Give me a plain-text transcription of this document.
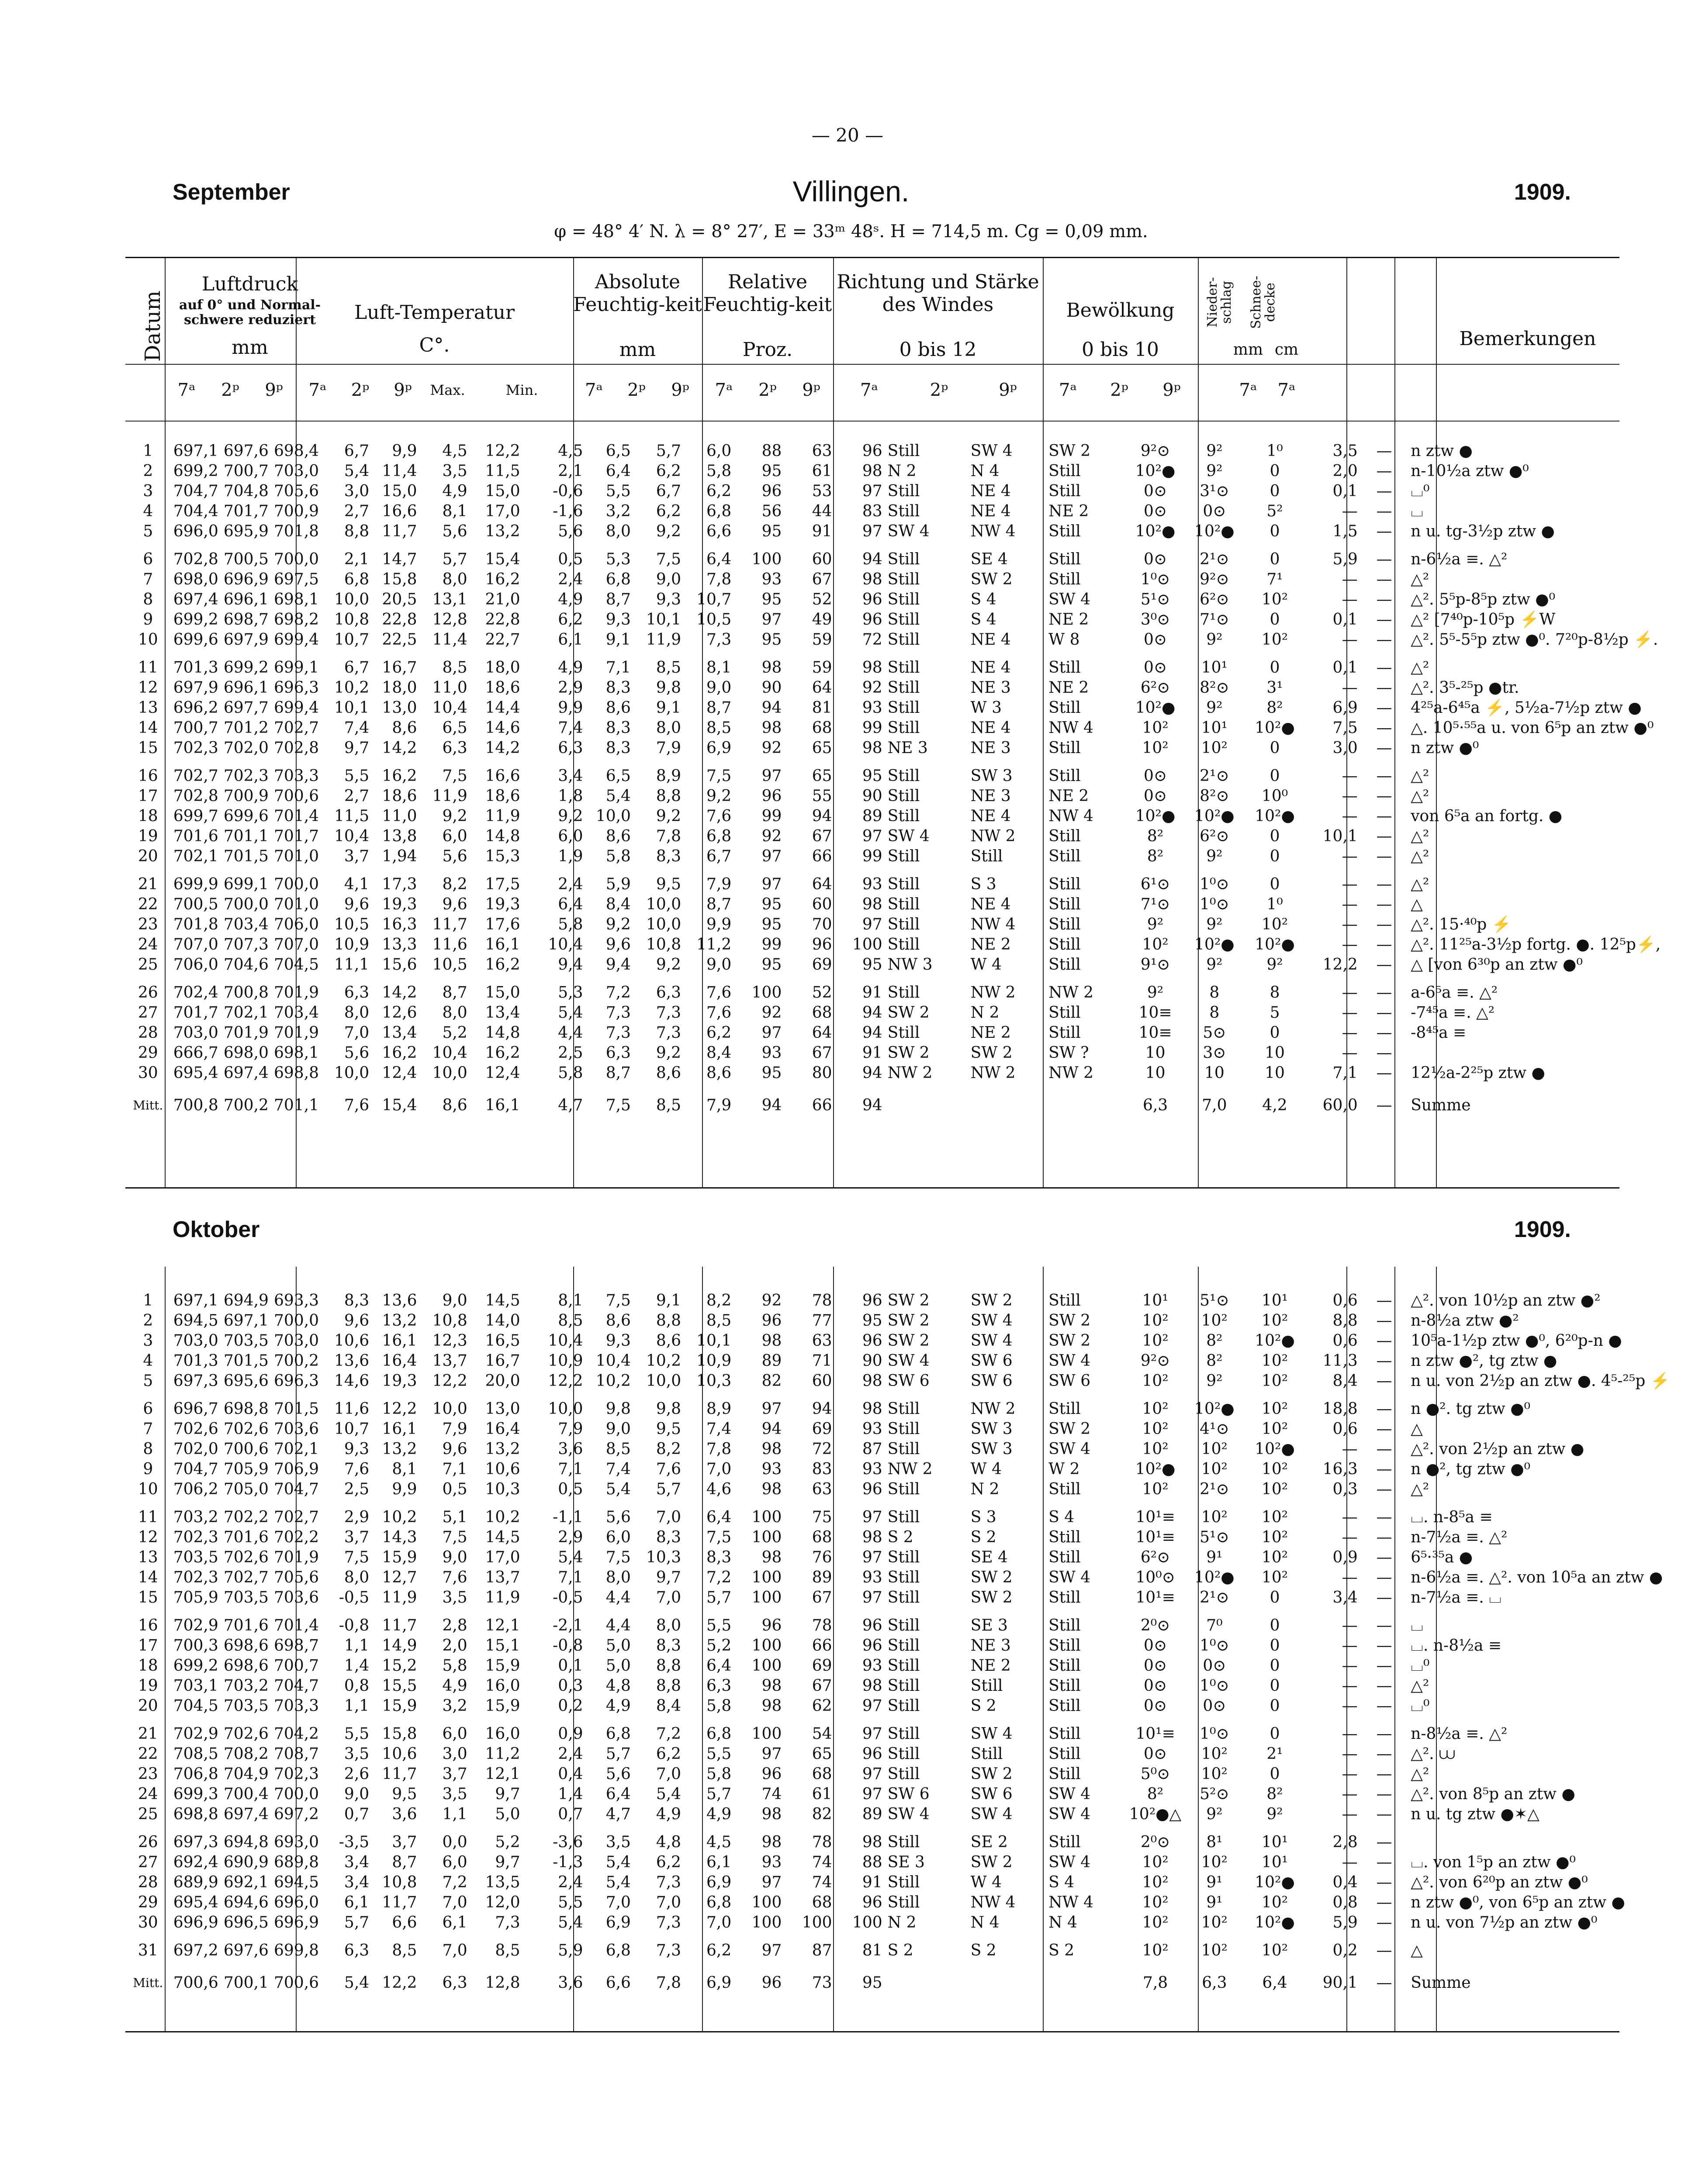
— 20 —
September	Villingen.	1909.
φ = 48° 4′ N. λ = 8° 27′, E = 33ᵐ 48ˢ. H = 714,5 m. Cg = 0,09 mm.
Datum
Luftdruck
auf 0° und Normal-schwere reduziert
mm
Luft-Temperatur
C°.
Absolute Feuchtig-keit
mm
Relative Feuchtig-keit
Proz.
Richtung und Stärke des Windes
0 bis 12
Bewölkung
0 bis 10
Nieder-schlag
mm
Schnee-decke
cm	Bemerkungen
7ᵃ	2ᵖ	9ᵖ	7ᵃ	2ᵖ	9ᵖ	Max.	Min.	7ᵃ	2ᵖ	9ᵖ	7ᵃ	2ᵖ	9ᵖ	7ᵃ	2ᵖ	9ᵖ	7ᵃ	2ᵖ	9ᵖ	7ᵃ	7ᵃ
1	697,1	697,6	698,4	6,7	9,9	4,5	12,2	4,5	6,5	5,7	6,0	88	63	96	Still	SW 4	SW 2	9²⊙	9²	1⁰	3,5	—	n ztw ●
2	699,2	700,7	703,0	5,4	11,4	3,5	11,5	2,1	6,4	6,2	5,8	95	61	98	N 2	N 4	Still	10²●	9²	0	2,0	—	n-10½a ztw ●⁰
3	704,7	704,8	705,6	3,0	15,0	4,9	15,0	-0,6	5,5	6,7	6,2	96	53	97	Still	NE 4	Still	0⊙	3¹⊙	0	0,1	—	⌴⁰
4	704,4	701,7	700,9	2,7	16,6	8,1	17,0	-1,6	3,2	6,2	6,8	56	44	83	Still	NE 4	NE 2	0⊙	0⊙	5²	—	—	⌴
5	696,0	695,9	701,8	8,8	11,7	5,6	13,2	5,6	8,0	9,2	6,6	95	91	97	SW 4	NW 4	Still	10²●	10²●	0	1,5	—	n u. tg-3½p ztw ●

6	702,8	700,5	700,0	2,1	14,7	5,7	15,4	0,5	5,3	7,5	6,4	100	60	94	Still	SE 4	Still	0⊙	2¹⊙	0	5,9	—	n-6½a ≡. △²
7	698,0	696,9	697,5	6,8	15,8	8,0	16,2	2,4	6,8	9,0	7,8	93	67	98	Still	SW 2	Still	1⁰⊙	9²⊙	7¹	—	—	△²
8	697,4	696,1	698,1	10,0	20,5	13,1	21,0	4,9	8,7	9,3	10,7	95	52	96	Still	S 4	SW 4	5¹⊙	6²⊙	10²	—	—	△². 5⁵p-8⁵p ztw ●⁰
9	699,2	698,7	698,2	10,8	22,8	12,8	22,8	6,2	9,3	10,1	10,5	97	49	96	Still	S 4	NE 2	3⁰⊙	7¹⊙	0	0,1	—	△² [7⁴⁰p-10⁵p ⚡W
10	699,6	697,9	699,4	10,7	22,5	11,4	22,7	6,1	9,1	11,9	7,3	95	59	72	Still	NE 4	W 8	0⊙	9²	10²	—	—	△². 5⁵-5⁵p ztw ●⁰. 7²⁰p-8½p ⚡.

11	701,3	699,2	699,1	6,7	16,7	8,5	18,0	4,9	7,1	8,5	8,1	98	59	98	Still	NE 4	Still	0⊙	10¹	0	0,1	—	△²
12	697,9	696,1	696,3	10,2	18,0	11,0	18,6	2,9	8,3	9,8	9,0	90	64	92	Still	NE 3	NE 2	6²⊙	8²⊙	3¹	—	—	△². 3⁵-²⁵p ●tr.
13	696,2	697,7	699,4	10,1	13,0	10,4	14,4	9,9	8,6	9,1	8,7	94	81	93	Still	W 3	Still	10²●	9²	8²	6,9	—	4²⁵a-6⁴⁵a ⚡, 5½a-7½p ztw ●
14	700,7	701,2	702,7	7,4	8,6	6,5	14,6	7,4	8,3	8,0	8,5	98	68	99	Still	NE 4	NW 4	10²	10¹	10²●	7,5	—	△. 10⁵·⁵⁵a u. von 6⁵p an ztw ●⁰
15	702,3	702,0	702,8	9,7	14,2	6,3	14,2	6,3	8,3	7,9	6,9	92	65	98	NE 3	NE 3	Still	10²	10²	0	3,0	—	n ztw ●⁰

16	702,7	702,3	703,3	5,5	16,2	7,5	16,6	3,4	6,5	8,9	7,5	97	65	95	Still	SW 3	Still	0⊙	2¹⊙	0	—	—	△²
17	702,8	700,9	700,6	2,7	18,6	11,9	18,6	1,8	5,4	8,8	9,2	96	55	90	Still	NE 3	NE 2	0⊙	8²⊙	10⁰	—	—	△²
18	699,7	699,6	701,4	11,5	11,0	9,2	11,9	9,2	10,0	9,2	7,6	99	94	89	Still	NE 4	NW 4	10²●	10²●	10²●	—	—	von 6⁵a an fortg. ●
19	701,6	701,1	701,7	10,4	13,8	6,0	14,8	6,0	8,6	7,8	6,8	92	67	97	SW 4	NW 2	Still	8²	6²⊙	0	10,1	—	△²
20	702,1	701,5	701,0	3,7	1,94	5,6	15,3	1,9	5,8	8,3	6,7	97	66	99	Still	Still	Still	8²	9²	0	—	—	△²

21	699,9	699,1	700,0	4,1	17,3	8,2	17,5	2,4	5,9	9,5	7,9	97	64	93	Still	S 3	Still	6¹⊙	1⁰⊙	0	—	—	△²
22	700,5	700,0	701,0	9,6	19,3	9,6	19,3	6,4	8,4	10,0	8,7	95	60	98	Still	NE 4	Still	7¹⊙	1⁰⊙	1⁰	—	—	△
23	701,8	703,4	706,0	10,5	16,3	11,7	17,6	5,8	9,2	10,0	9,9	95	70	97	Still	NW 4	Still	9²	9²	10²	—	—	△². 15·⁴⁰p ⚡
24	707,0	707,3	707,0	10,9	13,3	11,6	16,1	10,4	9,6	10,8	11,2	99	96	100	Still	NE 2	Still	10²	10²●	10²●	—	—	△². 11²⁵a-3½p fortg. ●. 12⁵p⚡,
25	706,0	704,6	704,5	11,1	15,6	10,5	16,2	9,4	9,4	9,2	9,0	95	69	95	NW 3	W 4	Still	9¹⊙	9²	9²	12,2	—	△ [von 6³⁰p an ztw ●⁰

26	702,4	700,8	701,9	6,3	14,2	8,7	15,0	5,3	7,2	6,3	7,6	100	52	91	Still	NW 2	NW 2	9²	8	8	—	—	a-6⁵a ≡. △²
27	701,7	702,1	703,4	8,0	12,6	8,0	13,4	5,4	7,3	7,3	7,6	92	68	94	SW 2	N 2	Still	10≡	8	5	—	—	-7⁴⁵a ≡. △²
28	703,0	701,9	701,9	7,0	13,4	5,2	14,8	4,4	7,3	7,3	6,2	97	64	94	Still	NE 2	Still	10≡	5⊙	0	—	—	-8⁴⁵a ≡
29	666,7	698,0	698,1	5,6	16,2	10,4	16,2	2,5	6,3	9,2	8,4	93	67	91	SW 2	SW 2	SW ?	10	3⊙	10	—	—	
30	695,4	697,4	698,8	10,0	12,4	10,0	12,4	5,8	8,7	8,6	8,6	95	80	94	NW 2	NW 2	NW 2	10	10	10	7,1	—	12½a-2²⁵p ztw ●

Mitt.	700,8	700,2	701,1	7,6	15,4	8,6	16,1	4,7	7,5	8,5	7,9	94	66	94				6,3	7,0	4,2	60,0	—	Summe
Oktober	1909.
1	697,1	694,9	693,3	8,3	13,6	9,0	14,5	8,1	7,5	9,1	8,2	92	78	96	SW 2	SW 2	Still	10¹	5¹⊙	10¹	0,6	—	△². von 10½p an ztw ●²
2	694,5	697,1	700,0	9,6	13,2	10,8	14,0	8,5	8,6	8,8	8,5	96	77	95	SW 2	SW 4	SW 2	10²	10²	10²	8,8	—	n-8½a ztw ●²
3	703,0	703,5	703,0	10,6	16,1	12,3	16,5	10,4	9,3	8,6	10,1	98	63	96	SW 2	SW 4	SW 2	10²	8²	10²●	0,6	—	10⁵a-1½p ztw ●⁰, 6²⁰p-n ●
4	701,3	701,5	700,2	13,6	16,4	13,7	16,7	10,9	10,4	10,2	10,9	89	71	90	SW 4	SW 6	SW 4	9²⊙	8²	10²	11,3	—	n ztw ●², tg ztw ●
5	697,3	695,6	696,3	14,6	19,3	12,2	20,0	12,2	10,2	10,0	10,3	82	60	98	SW 6	SW 6	SW 6	10²	9²	10²	8,4	—	n u. von 2½p an ztw ●. 4⁵-²⁵p ⚡

6	696,7	698,8	701,5	11,6	12,2	10,0	13,0	10,0	9,8	9,8	8,9	97	94	98	Still	NW 2	Still	10²	10²●	10²	18,8	—	n ●². tg ztw ●⁰
7	702,6	702,6	703,6	10,7	16,1	7,9	16,4	7,9	9,0	9,5	7,4	94	69	93	Still	SW 3	SW 2	10²	4¹⊙	10²	0,6	—	△
8	702,0	700,6	702,1	9,3	13,2	9,6	13,2	3,6	8,5	8,2	7,8	98	72	87	Still	SW 3	SW 4	10²	10²	10²●	—	—	△². von 2½p an ztw ●
9	704,7	705,9	706,9	7,6	8,1	7,1	10,6	7,1	7,4	7,6	7,0	93	83	93	NW 2	W 4	W 2	10²●	10²	10²	16,3	—	n ●², tg ztw ●⁰
10	706,2	705,0	704,7	2,5	9,9	0,5	10,3	0,5	5,4	5,7	4,6	98	63	96	Still	N 2	Still	10²	2¹⊙	10²	0,3	—	△²

11	703,2	702,2	702,7	2,9	10,2	5,1	10,2	-1,1	5,6	7,0	6,4	100	75	97	Still	S 3	S 4	10¹≡	10²	10²	—	—	⌴. n-8⁵a ≡
12	702,3	701,6	702,2	3,7	14,3	7,5	14,5	2,9	6,0	8,3	7,5	100	68	98	S 2	S 2	Still	10¹≡	5¹⊙	10²	—	—	n-7½a ≡. △²
13	703,5	702,6	701,9	7,5	15,9	9,0	17,0	5,4	7,5	10,3	8,3	98	76	97	Still	SE 4	Still	6²⊙	9¹	10²	0,9	—	6⁵·³⁵a ●
14	702,3	702,7	705,6	8,0	12,7	7,6	13,7	7,1	8,0	9,7	7,2	100	89	93	Still	SW 2	SW 4	10⁰⊙	10²●	10²	—	—	n-6½a ≡. △². von 10⁵a an ztw ●
15	705,9	703,5	703,6	-0,5	11,9	3,5	11,9	-0,5	4,4	7,0	5,7	100	67	97	Still	SW 2	Still	10¹≡	2¹⊙	0	3,4	—	n-7½a ≡. ⌴

16	702,9	701,6	701,4	-0,8	11,7	2,8	12,1	-2,1	4,4	8,0	5,5	96	78	96	Still	SE 3	Still	2⁰⊙	7⁰	0	—	—	⌴
17	700,3	698,6	698,7	1,1	14,9	2,0	15,1	-0,8	5,0	8,3	5,2	100	66	96	Still	NE 3	Still	0⊙	1⁰⊙	0	—	—	⌴. n-8½a ≡
18	699,2	698,6	700,7	1,4	15,2	5,8	15,9	0,1	5,0	8,8	6,4	100	69	93	Still	NE 2	Still	0⊙	0⊙	0	—	—	⌴⁰
19	703,1	703,2	704,7	0,8	15,5	4,9	16,0	0,3	4,8	8,8	6,3	98	67	98	Still	Still	Still	0⊙	1⁰⊙	0	—	—	△²
20	704,5	703,5	703,3	1,1	15,9	3,2	15,9	0,2	4,9	8,4	5,8	98	62	97	Still	S 2	Still	0⊙	0⊙	0	—	—	⌴⁰

21	702,9	702,6	704,2	5,5	15,8	6,0	16,0	0,9	6,8	7,2	6,8	100	54	97	Still	SW 4	Still	10¹≡	1⁰⊙	0	—	—	n-8½a ≡. △²
22	708,5	708,2	708,7	3,5	10,6	3,0	11,2	2,4	5,7	6,2	5,5	97	65	96	Still	Still	Still	0⊙	10²	2¹	—	—	△². ⩊
23	706,8	704,9	702,3	2,6	11,7	3,7	12,1	0,4	5,6	7,0	5,8	96	68	97	Still	SW 2	Still	5⁰⊙	10²	0	—	—	△²
24	699,3	700,4	700,0	9,0	9,5	3,5	9,7	1,4	6,4	5,4	5,7	74	61	97	SW 6	SW 6	SW 4	8²	5²⊙	8²	—	—	△². von 8⁵p an ztw ●
25	698,8	697,4	697,2	0,7	3,6	1,1	5,0	0,7	4,7	4,9	4,9	98	82	89	SW 4	SW 4	SW 4	10²●△	9²	9²	—	—	n u. tg ztw ●✶△

26	697,3	694,8	693,0	-3,5	3,7	0,0	5,2	-3,6	3,5	4,8	4,5	98	78	98	Still	SE 2	Still	2⁰⊙	8¹	10¹	2,8	—	
27	692,4	690,9	689,8	3,4	8,7	6,0	9,7	-1,3	5,4	6,2	6,1	93	74	88	SE 3	SW 2	SW 4	10²	10²	10¹	—	—	⌴. von 1⁵p an ztw ●⁰
28	689,9	692,1	694,5	3,4	10,8	7,2	13,5	2,4	5,4	7,3	6,9	97	74	91	Still	W 4	S 4	10²	9¹	10²●	0,4	—	△². von 6²⁰p an ztw ●⁰
29	695,4	694,6	696,0	6,1	11,7	7,0	12,0	5,5	7,0	7,0	6,8	100	68	96	Still	NW 4	NW 4	10²	9¹	10²	0,8	—	n ztw ●⁰, von 6⁵p an ztw ●
30	696,9	696,5	696,9	5,7	6,6	6,1	7,3	5,4	6,9	7,3	7,0	100	100	100	N 2	N 4	N 4	10²	10²	10²●	5,9	—	n u. von 7½p an ztw ●⁰

31	697,2	697,6	699,8	6,3	8,5	7,0	8,5	5,9	6,8	7,3	6,2	97	87	81	S 2	S 2	S 2	10²	10²	10²	0,2	—	△

Mitt.	700,6	700,1	700,6	5,4	12,2	6,3	12,8	3,6	6,6	7,8	6,9	96	73	95				7,8	6,3	6,4	90,1	—	Summe
